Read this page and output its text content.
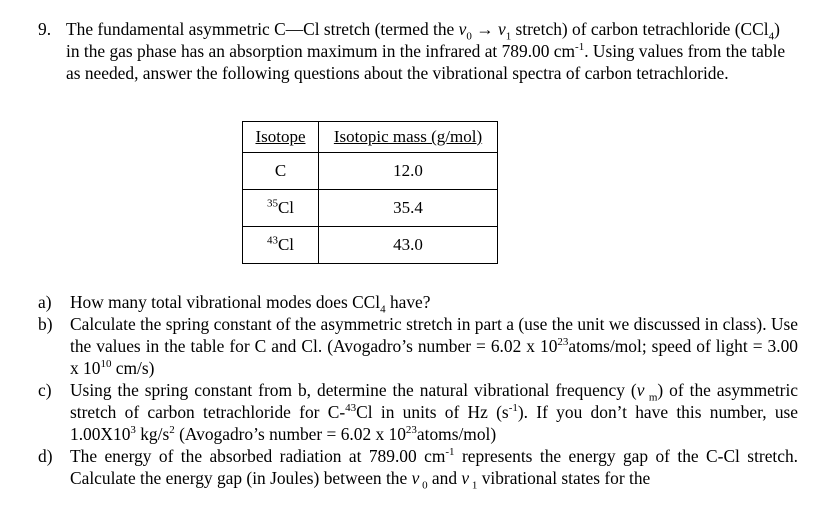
9. The fundamental asymmetric C—Cl stretch (termed the $v_0 \to v_1$ stretch) of carbon tetrachloride (CCl$_4$) in the gas phase has an absorption maximum in the infrared at 789.00 $cm^{-1}$. Using values from the table as needed, answer the following questions about the vibrational spectra of carbon tetrachloride.

Isotope	Isotopic mass (g/mol)
C	12.0
$^{35}$Cl	35.4
$^{43}$Cl	43.0
a) How many total vibrational modes does CCl$_4$ have?

b) Calculate the spring constant of the asymmetric stretch in part a (use the unit we discussed in class). Use the values in the table for C and Cl. (Avogadro’s number = 6.02 x $10^{23}atoms$/mol; speed of light = 3.00 x $10^{10}$ cm/s)

c) Using the spring constant from b, determine the natural vibrational frequency (v $_m$) of the asymmetric stretch of carbon tetrachloride for C-$^{43}$Cl in units of Hz $(s^{-1})$. If you don’t have this number, use $1.00X10^3$ $kg/s^2$ (Avogadro’s number = 6.02 x $10^{23}atoms/mol$)

d) The energy of the absorbed radiation at 789.00 $cm^{-1}$ represents the energy gap of the C-Cl stretch. Calculate the energy gap (in Joules) between the v $_0$ and v $_1$ vibrational states for the
